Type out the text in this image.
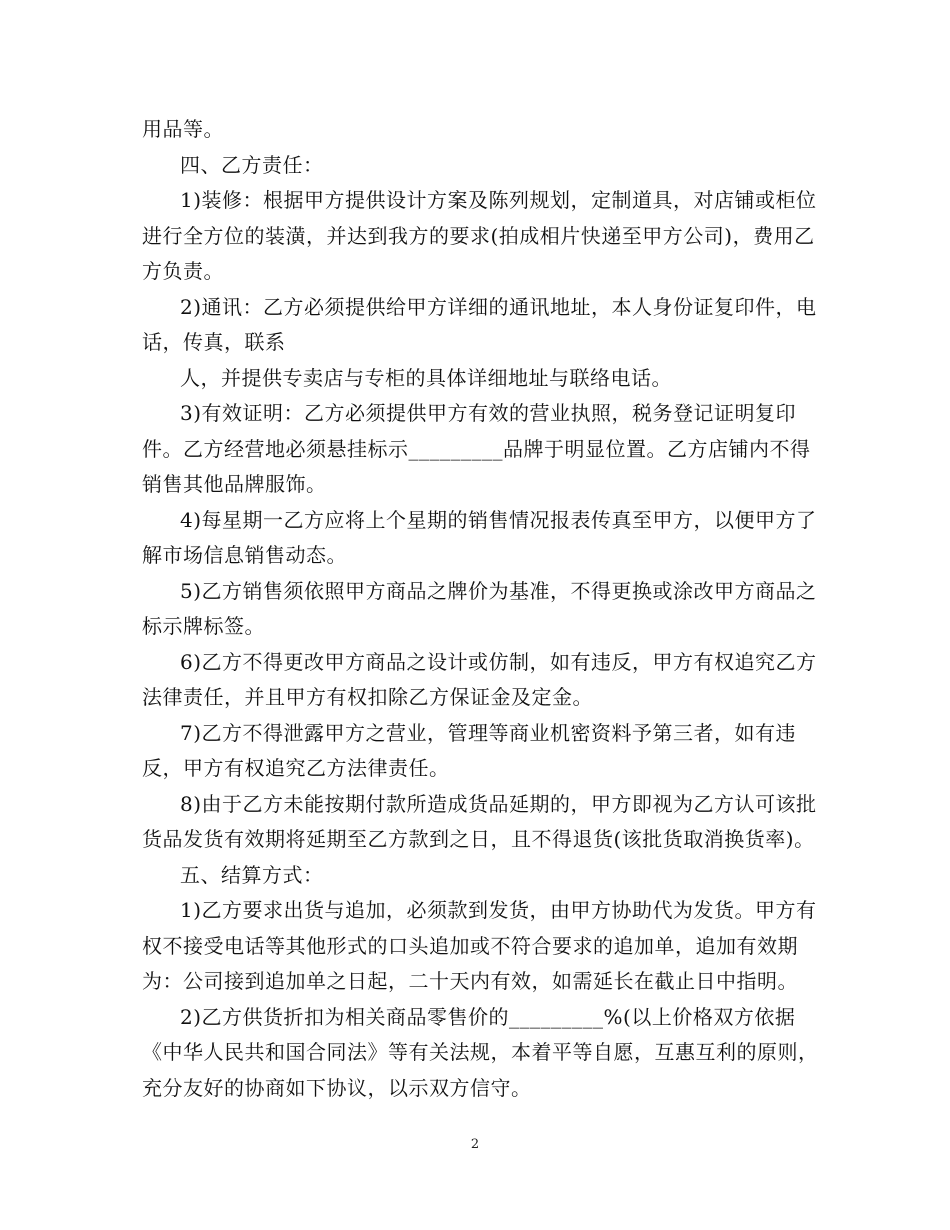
用品等。

四、乙方责任：

1)装修：根据甲方提供设计方案及陈列规划，定制道具，对店铺或柜位进行全方位的装潢，并达到我方的要求(拍成相片快递至甲方公司)，费用乙方负责。

2)通讯：乙方必须提供给甲方详细的通讯地址，本人身份证复印件，电话，传真，联系

人，并提供专卖店与专柜的具体详细地址与联络电话。

3)有效证明：乙方必须提供甲方有效的营业执照，税务登记证明复印件。乙方经营地必须悬挂标示_________品牌于明显位置。乙方店铺内不得销售其他品牌服饰。

4)每星期一乙方应将上个星期的销售情况报表传真至甲方，以便甲方了解市场信息销售动态。

5)乙方销售须依照甲方商品之牌价为基准，不得更换或涂改甲方商品之标示牌标签。

6)乙方不得更改甲方商品之设计或仿制，如有违反，甲方有权追究乙方法律责任，并且甲方有权扣除乙方保证金及定金。

7)乙方不得泄露甲方之营业，管理等商业机密资料予第三者，如有违反，甲方有权追究乙方法律责任。

8)由于乙方未能按期付款所造成货品延期的，甲方即视为乙方认可该批货品发货有效期将延期至乙方款到之日，且不得退货(该批货取消换货率)。

五、结算方式：

1)乙方要求出货与追加，必须款到发货，由甲方协助代为发货。甲方有权不接受电话等其他形式的口头追加或不符合要求的追加单，追加有效期为：公司接到追加单之日起，二十天内有效，如需延长在截止日中指明。

2)乙方供货折扣为相关商品零售价的_________%(以上价格双方依据《中华人民共和国合同法》等有关法规，本着平等自愿，互惠互利的原则，充分友好的协商如下协议，以示双方信守。

2
